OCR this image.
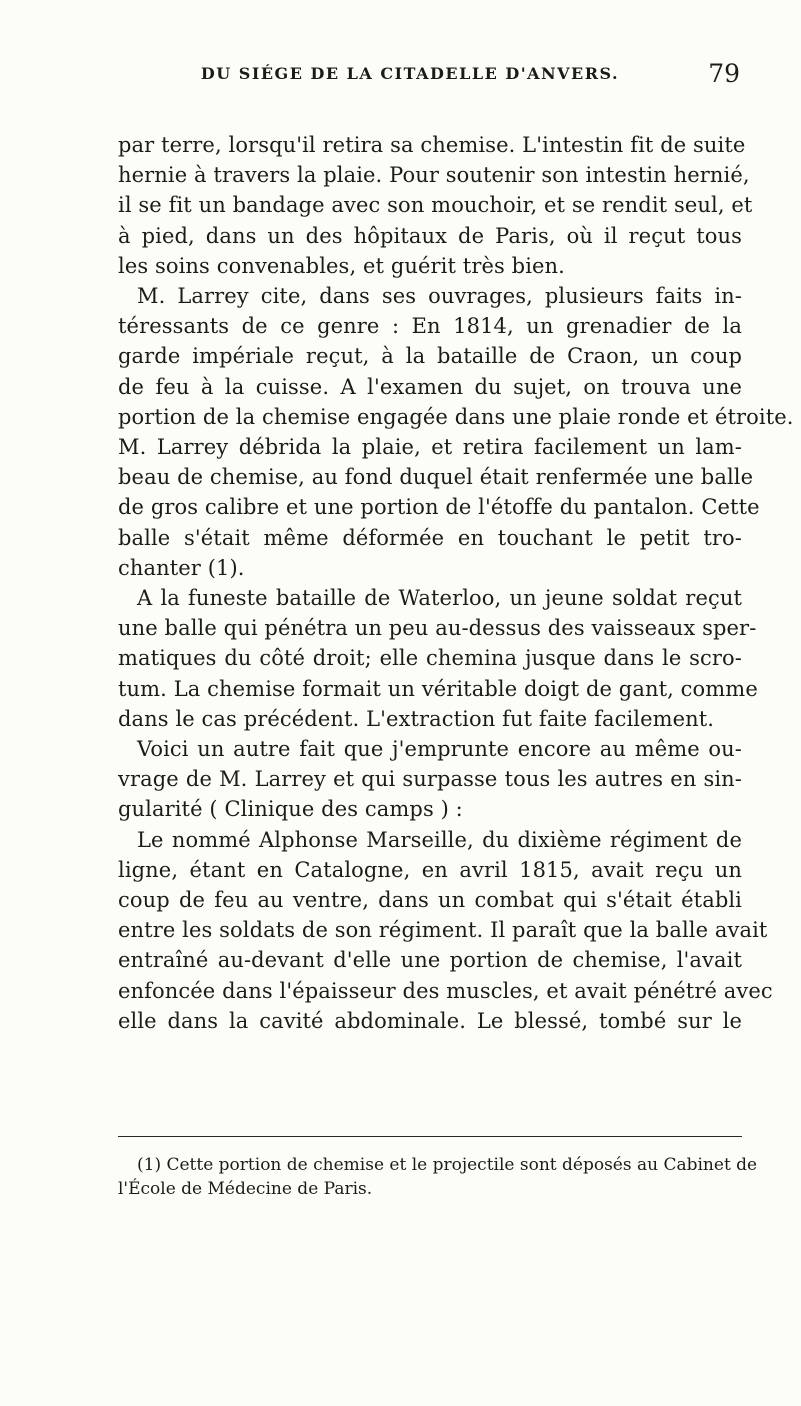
DU SIÉGE DE LA CITADELLE D'ANVERS.	79
par terre, lorsqu'il retira sa chemise. L'intestin fit de suite
hernie à travers la plaie. Pour soutenir son intestin hernié,
il se fit un bandage avec son mouchoir, et se rendit seul, et
à pied, dans un des hôpitaux de Paris, où il reçut tous
les soins convenables, et guérit très bien.
M. Larrey cite, dans ses ouvrages, plusieurs faits in-
téressants de ce genre : En 1814, un grenadier de la
garde impériale reçut, à la bataille de Craon, un coup
de feu à la cuisse. A l'examen du sujet, on trouva une
portion de la chemise engagée dans une plaie ronde et étroite.
M. Larrey débrida la plaie, et retira facilement un lam-
beau de chemise, au fond duquel était renfermée une balle
de gros calibre et une portion de l'étoffe du pantalon. Cette
balle s'était même déformée en touchant le petit tro-
chanter (1).
A la funeste bataille de Waterloo, un jeune soldat reçut
une balle qui pénétra un peu au-dessus des vaisseaux sper-
matiques du côté droit; elle chemina jusque dans le scro-
tum. La chemise formait un véritable doigt de gant, comme
dans le cas précédent. L'extraction fut faite facilement.
Voici un autre fait que j'emprunte encore au même ou-
vrage de M. Larrey et qui surpasse tous les autres en sin-
gularité ( Clinique des camps ) :
Le nommé Alphonse Marseille, du dixième régiment de
ligne, étant en Catalogne, en avril 1815, avait reçu un
coup de feu au ventre, dans un combat qui s'était établi
entre les soldats de son régiment. Il paraît que la balle avait
entraîné au-devant d'elle une portion de chemise, l'avait
enfoncée dans l'épaisseur des muscles, et avait pénétré avec
elle dans la cavité abdominale. Le blessé, tombé sur le
(1) Cette portion de chemise et le projectile sont déposés au Cabinet de
l'École de Médecine de Paris.
